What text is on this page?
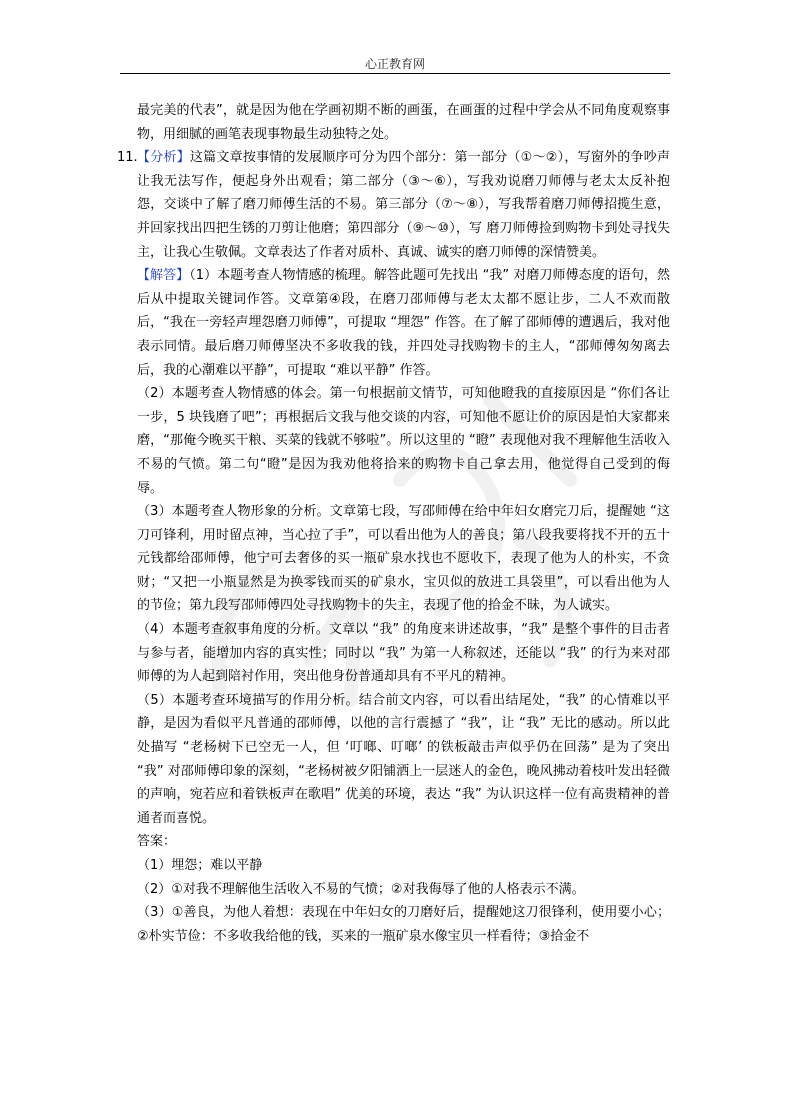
心正教育网

最完美的代表”，就是因为他在学画初期不断的画蛋，在画蛋的过程中学会从不同角度观察事物，用细腻的画笔表现事物最生动独特之处。

11. 【分析】这篇文章按事情的发展顺序可分为四个部分：第一部分（①～②），写窗外的争吵声让我无法写作，便起身外出观看；第二部分（③～⑥），写我劝说磨刀师傅与老太太反补抱怨，交谈中了解了磨刀师傅生活的不易。第三部分（⑦～⑧），写我帮着磨刀师傅招揽生意，并回家找出四把生锈的刀剪让他磨；第四部分（⑨～⑩），写 磨刀师傅捡到购物卡到处寻找失主，让我心生敬佩。文章表达了作者对质朴、真诚、诚实的磨刀师傅的深情赞美。

【解答】（1）本题考查人物情感的梳理。解答此题可先找出 “我” 对磨刀师傅态度的语句，然后从中提取关键词作答。文章第④段，在磨刀邵师傅与老太太都不愿让步，二人不欢而散后，“我在一旁轻声埋怨磨刀师傅”，可提取 “埋怨” 作答。在了解了邵师傅的遭遇后，我对他表示同情。最后磨刀师傅坚决不多收我的钱，并四处寻找购物卡的主人，“邵师傅匆匆离去后，我的心潮难以平静”，可提取 “难以平静” 作答。

（2）本题考查人物情感的体会。第一句根据前文情节，可知他瞪我的直接原因是 “你们各让一步，5 块钱磨了吧”；再根据后文我与他交谈的内容，可知他不愿让价的原因是怕大家都来磨，“那俺今晚买干粮、买菜的钱就不够啦”。所以这里的 “瞪” 表现他对我不理解他生活收入不易的气愤。第二句“瞪”是因为我劝他将拾来的购物卡自己拿去用，他觉得自己受到的侮辱。

（3）本题考查人物形象的分析。文章第七段，写邵师傅在给中年妇女磨完刀后，提醒她 “这刀可锋利，用时留点神，当心拉了手”，可以看出他为人的善良；第八段我要将找不开的五十元钱都给邵师傅，他宁可去奢侈的买一瓶矿泉水找也不愿收下，表现了他为人的朴实，不贪财；“又把一小瓶显然是为换零钱而买的矿泉水，宝贝似的放进工具袋里”，可以看出他为人的节俭；第九段写邵师傅四处寻找购物卡的失主，表现了他的拾金不昧，为人诚实。

（4）本题考查叙事角度的分析。文章以 “我” 的角度来讲述故事，“我” 是整个事件的目击者与参与者，能增加内容的真实性；同时以 “我” 为第一人称叙述，还能以 “我” 的行为来对邵师傅的为人起到陪衬作用，突出他身份普通却具有不平凡的精神。

（5）本题考查环境描写的作用分析。结合前文内容，可以看出结尾处，“我” 的心情难以平静，是因为看似平凡普通的邵师傅，以他的言行震撼了 “我”，让 “我” 无比的感动。所以此处描写 “老杨树下已空无一人，但 ‘叮啷、叮啷’ 的铁板敲击声似乎仍在回荡” 是为了突出 “我” 对邵师傅印象的深刻，“老杨树被夕阳铺洒上一层迷人的金色，晚风拂动着枝叶发出轻微的声响，宛若应和着铁板声在歌唱” 优美的环境，表达 “我” 为认识这样一位有高贵精神的普通者而喜悦。

答案：

（1）埋怨；难以平静

（2）①对我不理解他生活收入不易的气愤；②对我侮辱了他的人格表示不满。

（3）①善良，为他人着想：表现在中年妇女的刀磨好后，提醒她这刀很锋利，使用要小心；②朴实节俭：不多收我给他的钱，买来的一瓶矿泉水像宝贝一样看待；③拾金不
